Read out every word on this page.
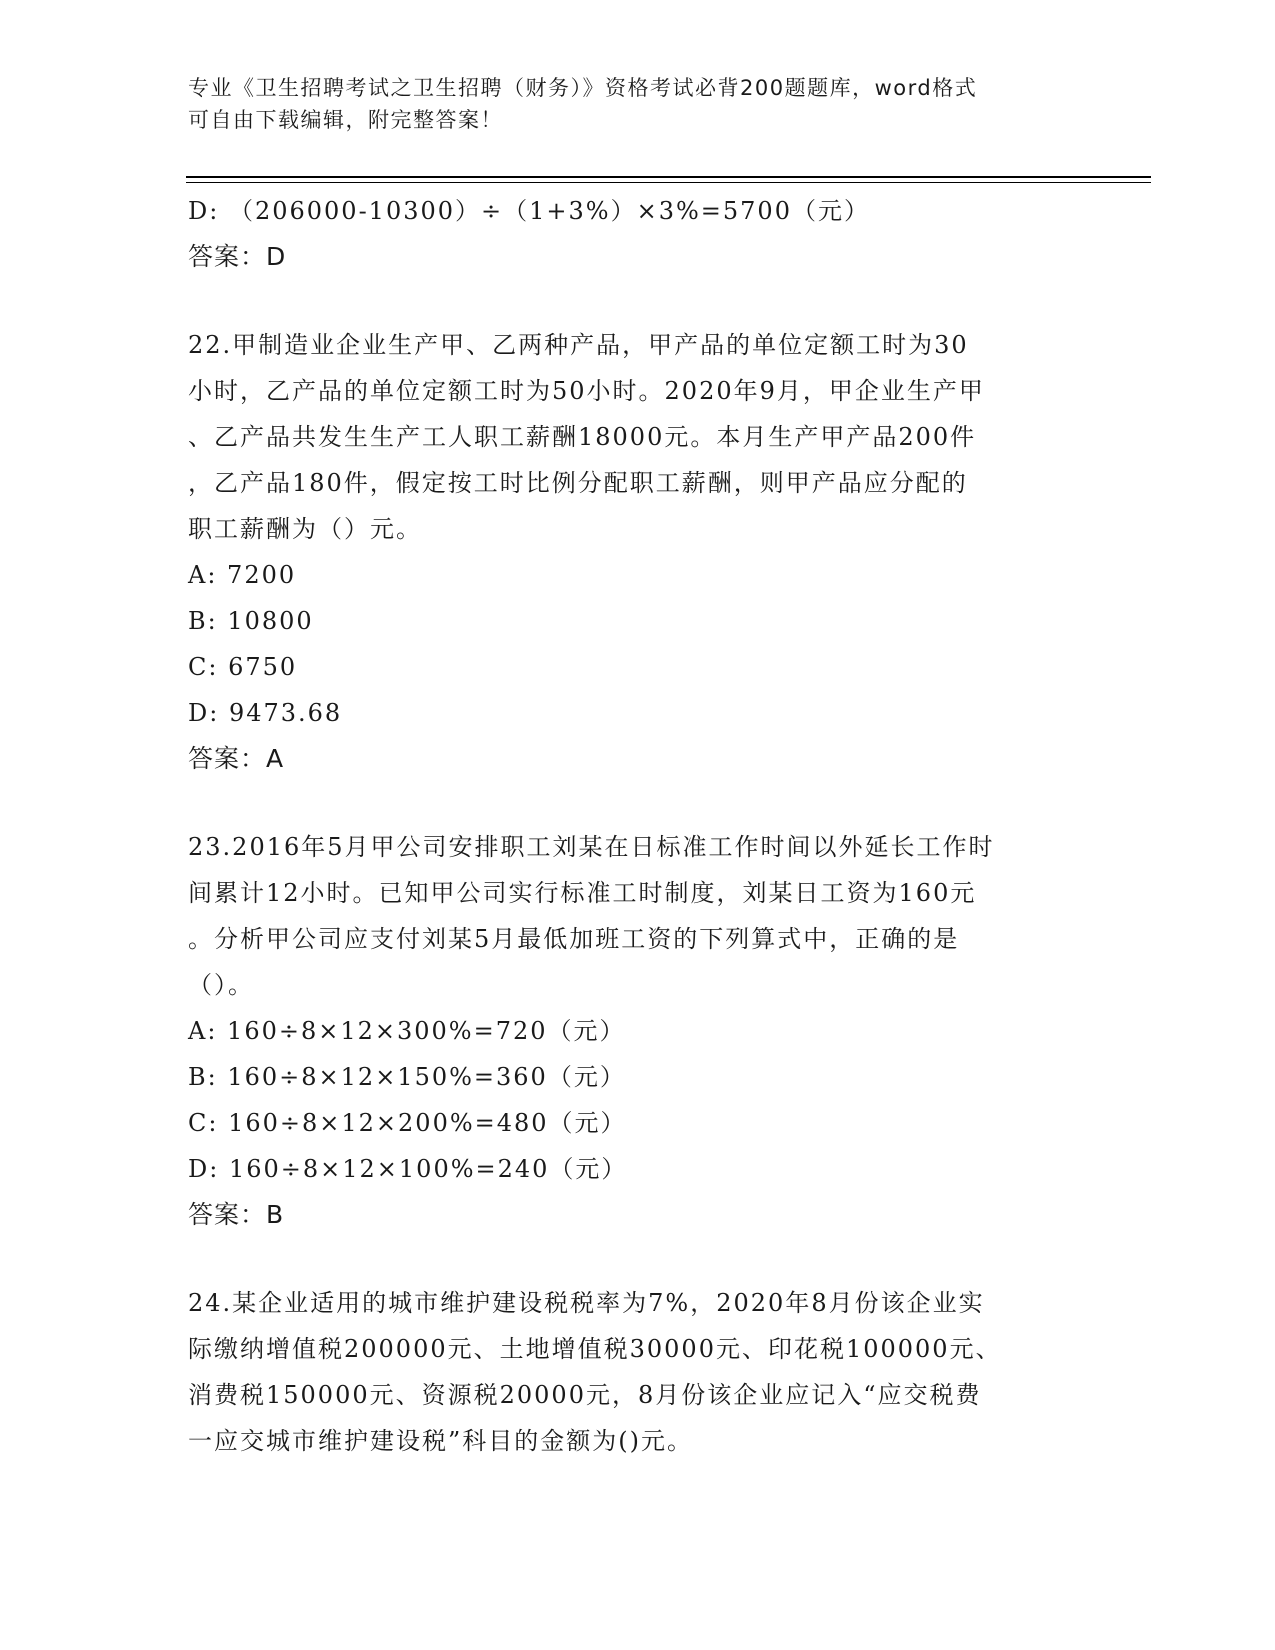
专业《卫生招聘考试之卫生招聘（财务）》资格考试必背200题题库，word格式
可自由下载编辑，附完整答案！
D: （206000-10300）÷（1+3%）×3%=5700（元）
答案：D
22.甲制造业企业生产甲、乙两种产品，甲产品的单位定额工时为30
小时，乙产品的单位定额工时为50小时。2020年9月，甲企业生产甲
、乙产品共发生生产工人职工薪酬18000元。本月生产甲产品200件
，乙产品180件，假定按工时比例分配职工薪酬，则甲产品应分配的
职工薪酬为（）元。
A: 7200
B: 10800
C: 6750
D: 9473.68
答案：A
23.2016年5月甲公司安排职工刘某在日标准工作时间以外延长工作时
间累计12小时。已知甲公司实行标准工时制度，刘某日工资为160元
。分析甲公司应支付刘某5月最低加班工资的下列算式中，正确的是
（）。
A: 160÷8×12×300%=720（元）
B: 160÷8×12×150%=360（元）
C: 160÷8×12×200%=480（元）
D: 160÷8×12×100%=240（元）
答案：B
24.某企业适用的城市维护建设税税率为7%，2020年8月份该企业实
际缴纳增值税200000元、土地增值税30000元、印花税100000元、
消费税150000元、资源税20000元，8月份该企业应记入“应交税费
一应交城市维护建设税”科目的金额为()元。
